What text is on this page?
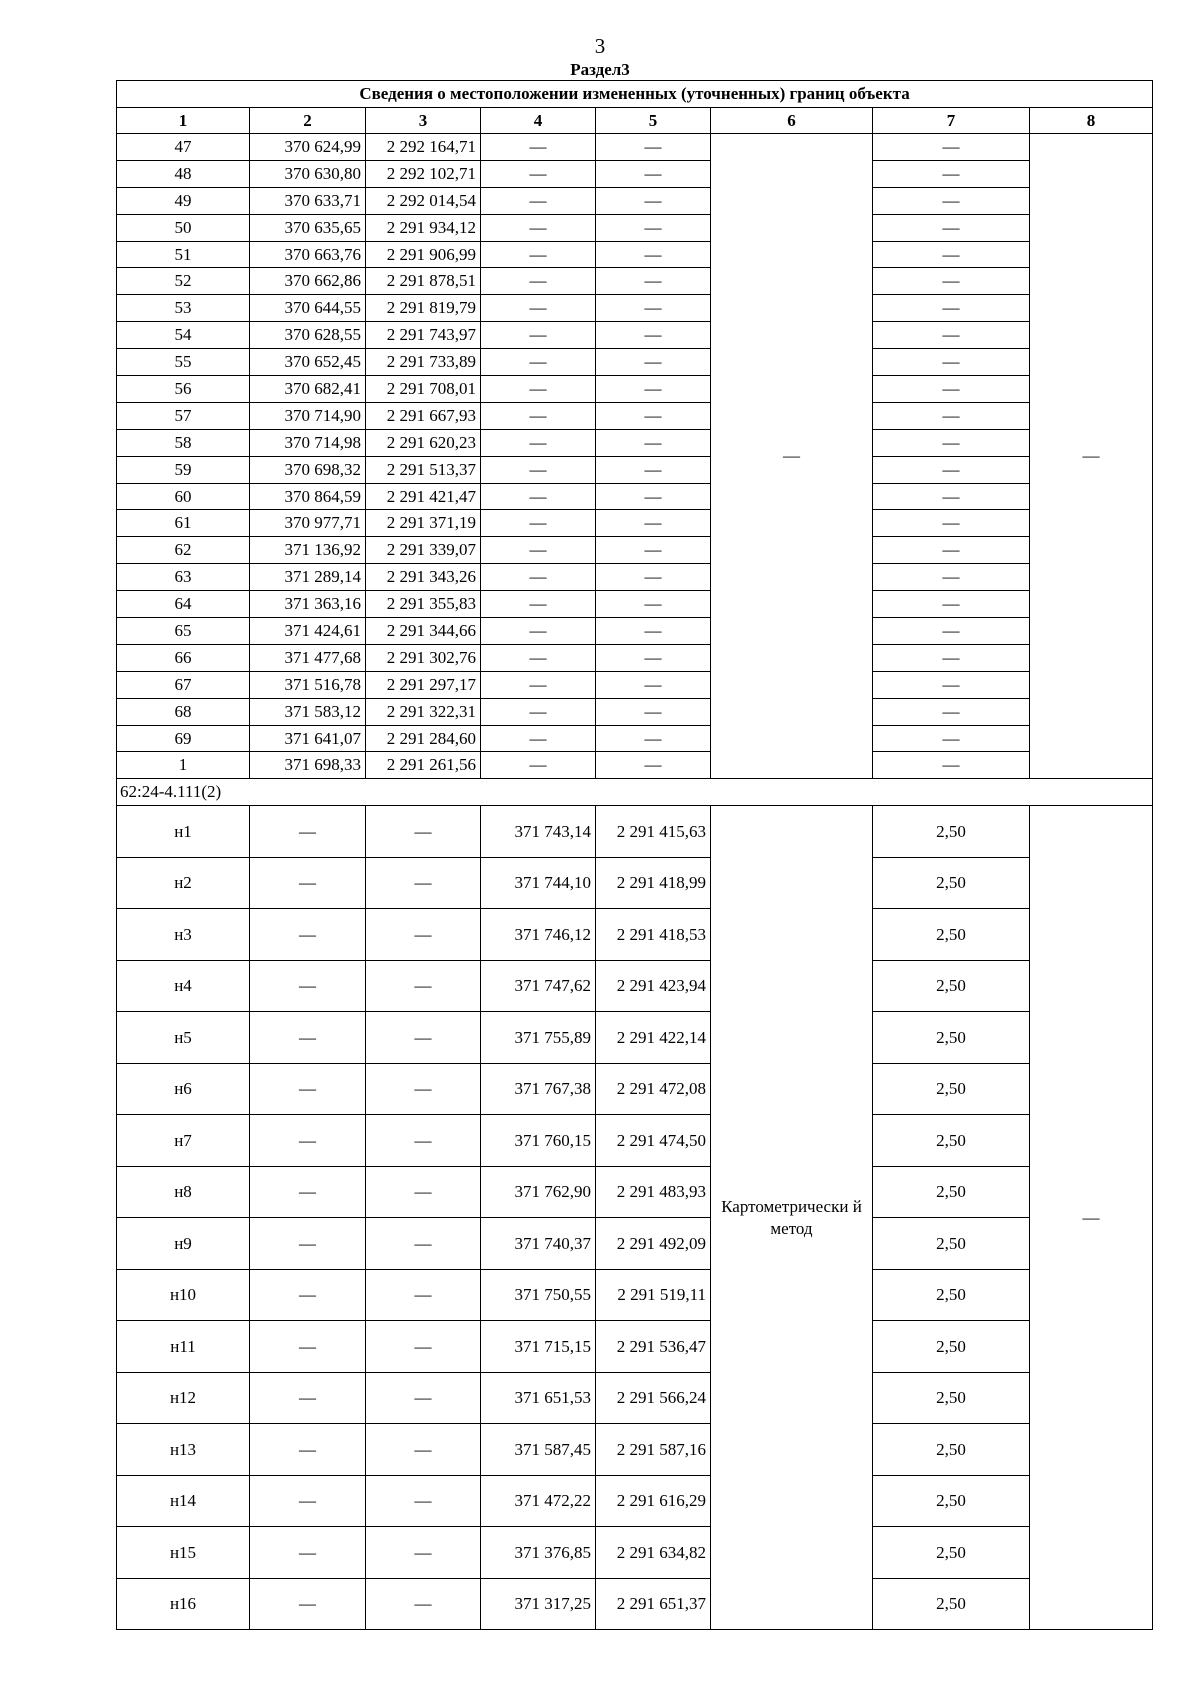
3
Раздел3
Сведения о местоположении измененных (уточненных) границ объекта							
1	2	3	4	5	6	7	8
47	370 624,99	2 292 164,71	—	—	—	—	—
48	370 630,80	2 292 102,71	—	—		—	
49	370 633,71	2 292 014,54	—	—		—	
50	370 635,65	2 291 934,12	—	—		—	
51	370 663,76	2 291 906,99	—	—		—	
52	370 662,86	2 291 878,51	—	—		—	
53	370 644,55	2 291 819,79	—	—		—	
54	370 628,55	2 291 743,97	—	—		—	
55	370 652,45	2 291 733,89	—	—		—	
56	370 682,41	2 291 708,01	—	—		—	
57	370 714,90	2 291 667,93	—	—		—	
58	370 714,98	2 291 620,23	—	—		—	
59	370 698,32	2 291 513,37	—	—		—	
60	370 864,59	2 291 421,47	—	—		—	
61	370 977,71	2 291 371,19	—	—		—	
62	371 136,92	2 291 339,07	—	—		—	
63	371 289,14	2 291 343,26	—	—		—	
64	371 363,16	2 291 355,83	—	—		—	
65	371 424,61	2 291 344,66	—	—		—	
66	371 477,68	2 291 302,76	—	—		—	
67	371 516,78	2 291 297,17	—	—		—	
68	371 583,12	2 291 322,31	—	—		—	
69	371 641,07	2 291 284,60	—	—		—	
1	371 698,33	2 291 261,56	—	—		—	
62:24-4.111(2)							
н1	—	—	371 743,14	2 291 415,63	Картометрически й метод	2,50	—
н2	—	—	371 744,10	2 291 418,99		2,50	
н3	—	—	371 746,12	2 291 418,53		2,50	
н4	—	—	371 747,62	2 291 423,94		2,50	
н5	—	—	371 755,89	2 291 422,14		2,50	
н6	—	—	371 767,38	2 291 472,08		2,50	
н7	—	—	371 760,15	2 291 474,50		2,50	
н8	—	—	371 762,90	2 291 483,93		2,50	
н9	—	—	371 740,37	2 291 492,09		2,50	
н10	—	—	371 750,55	2 291 519,11		2,50	
н11	—	—	371 715,15	2 291 536,47		2,50	
н12	—	—	371 651,53	2 291 566,24		2,50	
н13	—	—	371 587,45	2 291 587,16		2,50	
н14	—	—	371 472,22	2 291 616,29		2,50	
н15	—	—	371 376,85	2 291 634,82		2,50	
н16	—	—	371 317,25	2 291 651,37		2,50	
